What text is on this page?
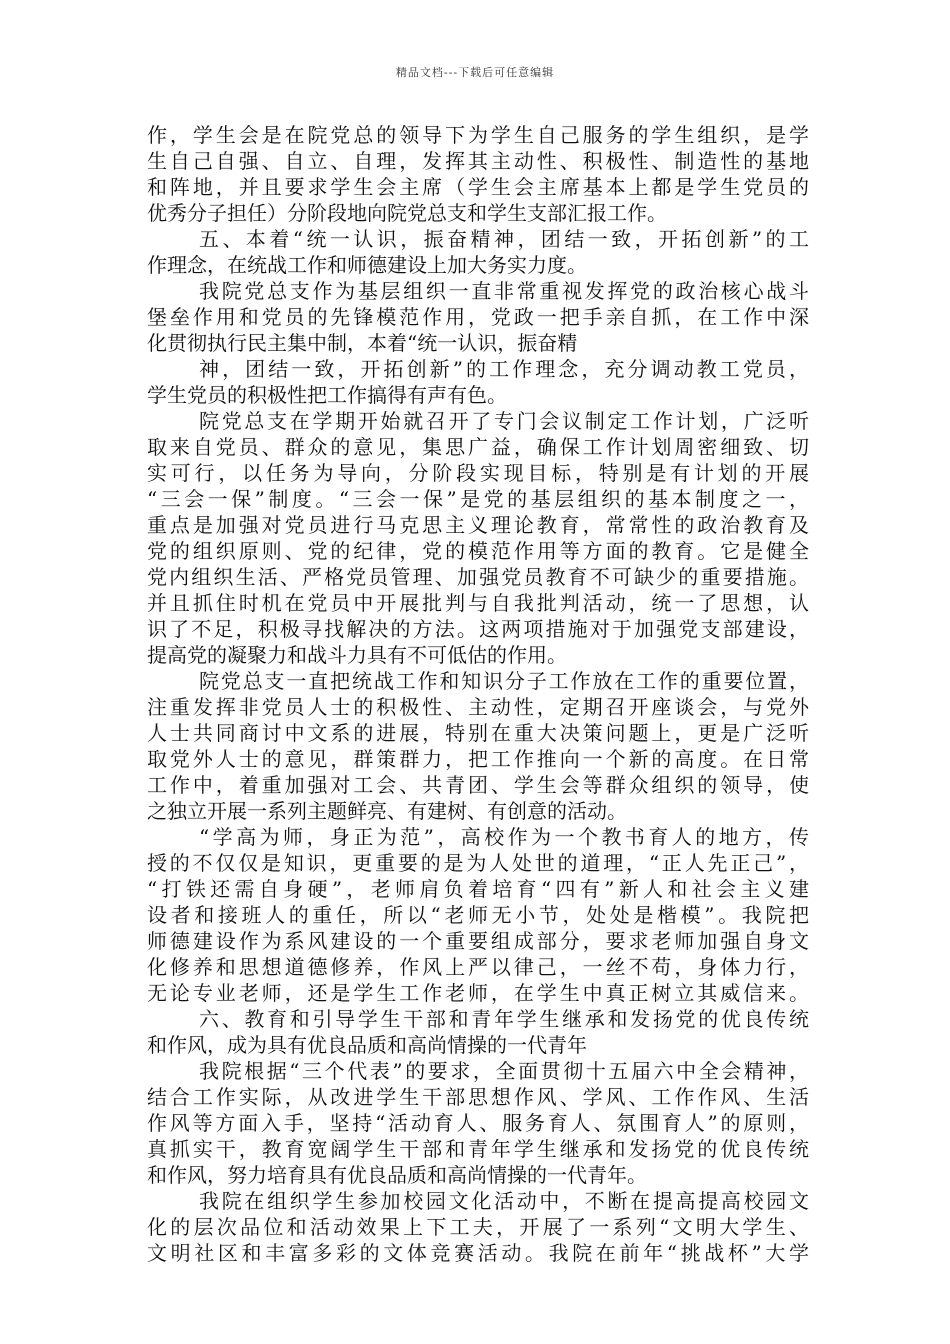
精品文档---下载后可任意编辑
作，学生会是在院党总的领导下为学生自己服务的学生组织，是学
生自己自强、自立、自理，发挥其主动性、积极性、制造性的基地
和阵地，并且要求学生会主席（学生会主席基本上都是学生党员的
优秀分子担任）分阶段地向院党总支和学生支部汇报工作。
五、本着“统一认识，振奋精神，团结一致，开拓创新”的工
作理念，在统战工作和师德建设上加大务实力度。
我院党总支作为基层组织一直非常重视发挥党的政治核心战斗
堡垒作用和党员的先锋模范作用，党政一把手亲自抓，在工作中深
化贯彻执行民主集中制，本着“统一认识，振奋精
神，团结一致，开拓创新”的工作理念，充分调动教工党员，
学生党员的积极性把工作搞得有声有色。
院党总支在学期开始就召开了专门会议制定工作计划，广泛听
取来自党员、群众的意见，集思广益，确保工作计划周密细致、切
实可行，以任务为导向，分阶段实现目标，特别是有计划的开展
“三会一保”制度。“三会一保”是党的基层组织的基本制度之一，
重点是加强对党员进行马克思主义理论教育，常常性的政治教育及
党的组织原则、党的纪律，党的模范作用等方面的教育。它是健全
党内组织生活、严格党员管理、加强党员教育不可缺少的重要措施。
并且抓住时机在党员中开展批判与自我批判活动，统一了思想，认
识了不足，积极寻找解决的方法。这两项措施对于加强党支部建设，
提高党的凝聚力和战斗力具有不可低估的作用。
院党总支一直把统战工作和知识分子工作放在工作的重要位置，
注重发挥非党员人士的积极性、主动性，定期召开座谈会，与党外
人士共同商讨中文系的进展，特别在重大决策问题上，更是广泛听
取党外人士的意见，群策群力，把工作推向一个新的高度。在日常
工作中，着重加强对工会、共青团、学生会等群众组织的领导，使
之独立开展一系列主题鲜亮、有建树、有创意的活动。
“学高为师，身正为范”，高校作为一个教书育人的地方，传
授的不仅仅是知识，更重要的是为人处世的道理，“正人先正己”，
“打铁还需自身硬”，老师肩负着培育“四有”新人和社会主义建
设者和接班人的重任，所以“老师无小节，处处是楷模”。我院把
师德建设作为系风建设的一个重要组成部分，要求老师加强自身文
化修养和思想道德修养，作风上严以律己，一丝不苟，身体力行，
无论专业老师，还是学生工作老师，在学生中真正树立其威信来。
六、教育和引导学生干部和青年学生继承和发扬党的优良传统
和作风，成为具有优良品质和高尚情操的一代青年
我院根据“三个代表”的要求，全面贯彻十五届六中全会精神，
结合工作实际，从改进学生干部思想作风、学风、工作作风、生活
作风等方面入手，坚持“活动育人、服务育人、氛围育人”的原则，
真抓实干，教育宽阔学生干部和青年学生继承和发扬党的优良传统
和作风，努力培育具有优良品质和高尚情操的一代青年。
我院在组织学生参加校园文化活动中，不断在提高提高校园文
化的层次品位和活动效果上下工夫，开展了一系列“文明大学生、
文明社区和丰富多彩的文体竞赛活动。我院在前年“挑战杯”大学
